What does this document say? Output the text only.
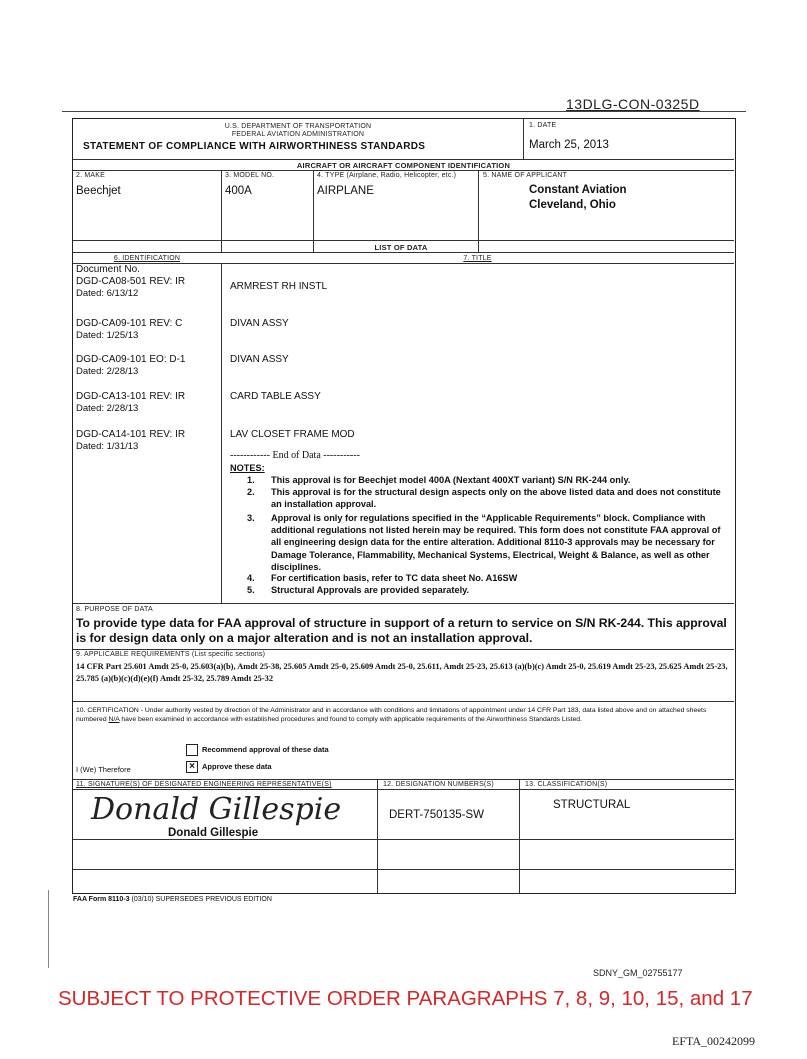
13DLG-CON-0325D
U.S. DEPARTMENT OF TRANSPORTATION
FEDERAL AVIATION ADMINISTRATION
STATEMENT OF COMPLIANCE WITH AIRWORTHINESS STANDARDS
1. DATE
March 25, 2013
AIRCRAFT OR AIRCRAFT COMPONENT IDENTIFICATION
2. MAKE
Beechjet
3. MODEL NO.
400A
4. TYPE (Airplane, Radio, Helicopter, etc.)
AIRPLANE
5. NAME OF APPLICANT
Constant Aviation
Cleveland, Ohio
LIST OF DATA
6. IDENTIFICATION	7. TITLE
Document No.
DGD-CA08-501 REV: IR
Dated: 6/13/12
ARMREST RH INSTL
DGD-CA09-101 REV: C
Dated: 1/25/13
DIVAN ASSY
DGD-CA09-101 EO: D-1
Dated: 2/28/13
DIVAN ASSY
DGD-CA13-101 REV: IR
Dated: 2/28/13
CARD TABLE ASSY
DGD-CA14-101 REV: IR
Dated: 1/31/13
LAV CLOSET FRAME MOD
------------ End of Data -----------
NOTES:
1. This approval is for Beechjet model 400A (Nextant 400XT variant) S/N RK-244 only.
2. This approval is for the structural design aspects only on the above listed data and does not constitute an installation approval.
3. Approval is only for regulations specified in the “Applicable Requirements” block. Compliance with additional regulations not listed herein may be required. This form does not constitute FAA approval of all engineering design data for the entire alteration. Additional 8110-3 approvals may be necessary for Damage Tolerance, Flammability, Mechanical Systems, Electrical, Weight & Balance, as well as other disciplines.
4. For certification basis, refer to TC data sheet No. A16SW
5. Structural Approvals are provided separately.
8. PURPOSE OF DATA
To provide type data for FAA approval of structure in support of a return to service on S/N RK-244. This approval is for design data only on a major alteration and is not an installation approval.
9. APPLICABLE REQUIREMENTS (List specific sections)
14 CFR Part 25.601 Amdt 25-0, 25.603(a)(b), Amdt 25-38, 25.605 Amdt 25-0, 25.609 Amdt 25-0, 25.611, Amdt 25-23, 25.613 (a)(b)(c) Amdt 25-0, 25.619 Amdt 25-23, 25.625 Amdt 25-23, 25.785 (a)(b)(c)(d)(e)(f) Amdt 25-32, 25.789 Amdt 25-32
10. CERTIFICATION - Under authority vested by direction of the Administrator and in accordance with conditions and limitations of appointment under 14 CFR Part 183, data listed above and on attached sheets numbered N/A have been examined in accordance with established procedures and found to comply with applicable requirements of the Airworthiness Standards Listed.
Recommend approval of these data
I (We) Therefore	× Approve these data
11. SIGNATURE(S) OF DESIGNATED ENGINEERING REPRESENTATIVE(S)	12. DESIGNATION NUMBERS(S)	13. CLASSIFICATION(S)
Donald Gillespie
Donald Gillespie
DERT-750135-SW
STRUCTURAL
FAA Form 8110-3 (03/10) SUPERSEDES PREVIOUS EDITION
SDNY_GM_02755177
SUBJECT TO PROTECTIVE ORDER PARAGRAPHS 7, 8, 9, 10, 15, and 17
EFTA_00242099
